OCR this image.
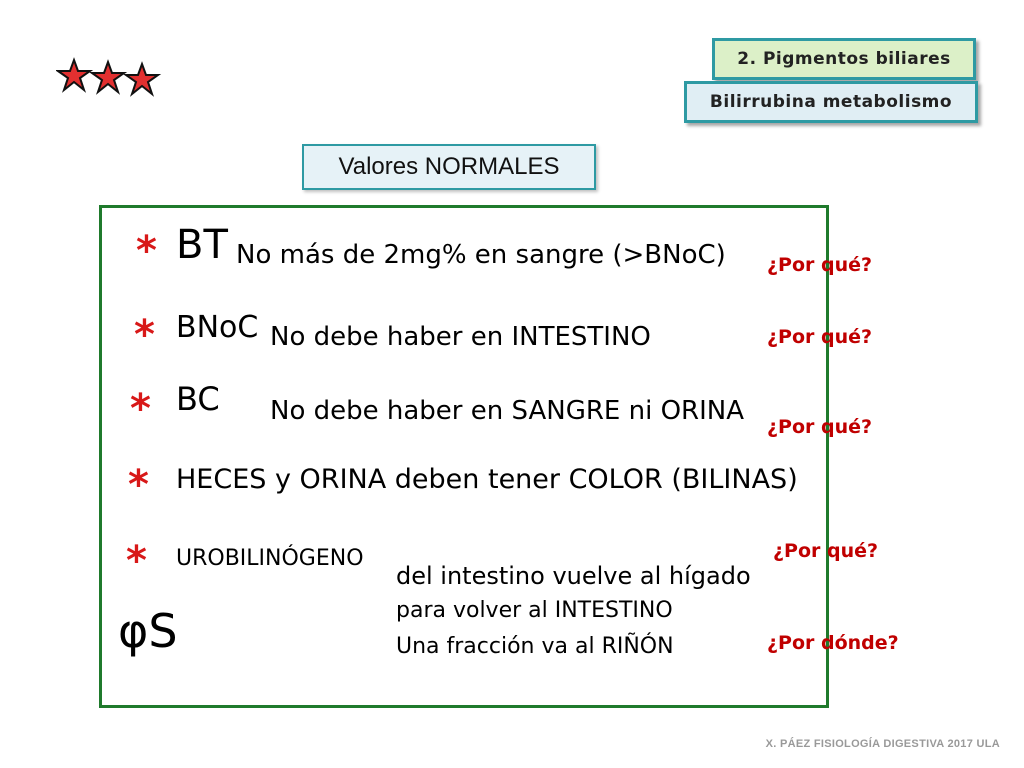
2. Pigmentos biliares
Bilirrubina metabolismo
Valores NORMALES
* BT No más de 2mg% en sangre (>BNoC)
* BNoC No debe haber en INTESTINO
* BC No debe haber en SANGRE ni ORINA
* HECES y ORINA deben tener COLOR (BILINAS)
* UROBILINÓGENO
del intestino vuelve al hígado
para volver al INTESTINO
Una fracción va al RIÑÓN
φS
¿Por qué?
¿Por qué?
¿Por qué?
¿Por qué?
¿Por dónde?
X. PÁEZ FISIOLOGÍA DIGESTIVA 2017 ULA
